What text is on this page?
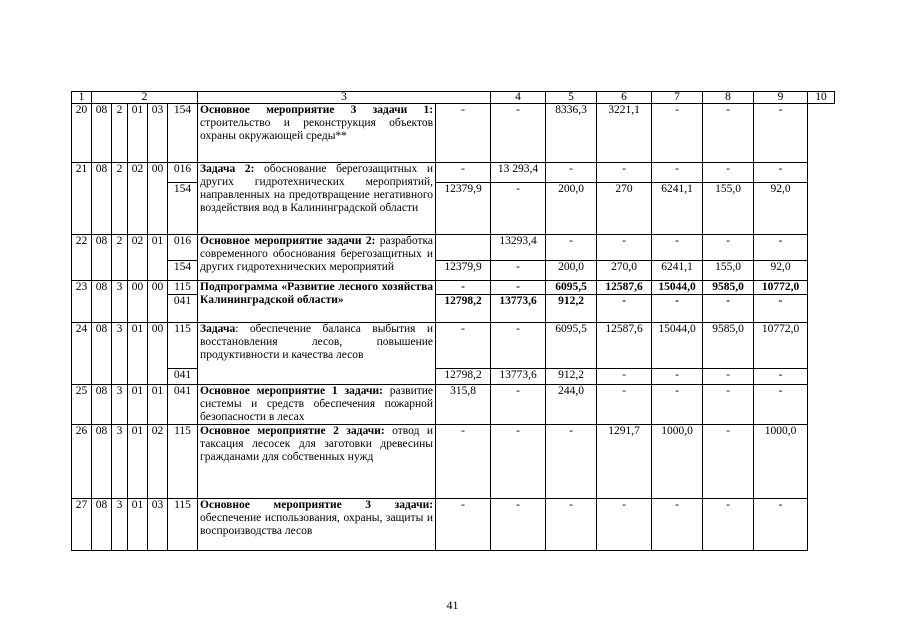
1	2					3		4	5	6	7	8	9	10
20	08	2	01	03	154	Основное мероприятие 3 задачи 1: строительство и реконструкция объектов охраны окружающей среды**	-	-	8336,3	3221,1	-	-	-	
21	08	2	02	00	016	Задача 2: обоснование берегозащитных и других гидротехнических мероприятий, направленных на предотвращение негативного воздействия вод в Калининградской области	-	13 293,4	-	-	-	-	-	
					154		12379,9	-	200,0	270	6241,1	155,0	92,0	
22	08	2	02	01	016	Основное мероприятие задачи 2: разработка современного обоснования берегозащитных и других гидротехнических мероприятий		13293,4	-	-	-	-	-	
					154		12379,9	-	200,0	270,0	6241,1	155,0	92,0	
23	08	3	00	00	115	Подпрограмма «Развитие лесного хозяйства Калининградской области»	-	-	6095,5	12587,6	15044,0	9585,0	10772,0	
					041		12798,2	13773,6	912,2	-	-	-	-	
24	08	3	01	00	115	Задача: обеспечение баланса выбытия и восстановления лесов, повышение продуктивности и качества лесов	-	-	6095,5	12587,6	15044,0	9585,0	10772,0	
					041		12798,2	13773,6	912,2	-	-	-	-	
25	08	3	01	01	041	Основное мероприятие 1 задачи: развитие системы и средств обеспечения пожарной безопасности в лесах	315,8	-	244,0	-	-	-	-	
26	08	3	01	02	115	Основное мероприятие 2 задачи: отвод и таксация лесосек для заготовки древесины гражданами для собственных нужд	-	-	-	1291,7	1000,0	-	1000,0	
27	08	3	01	03	115	Основное мероприятие 3 задачи: обеспечение использования, охраны, защиты и воспроизводства лесов	-	-	-	-	-	-	-	
41
